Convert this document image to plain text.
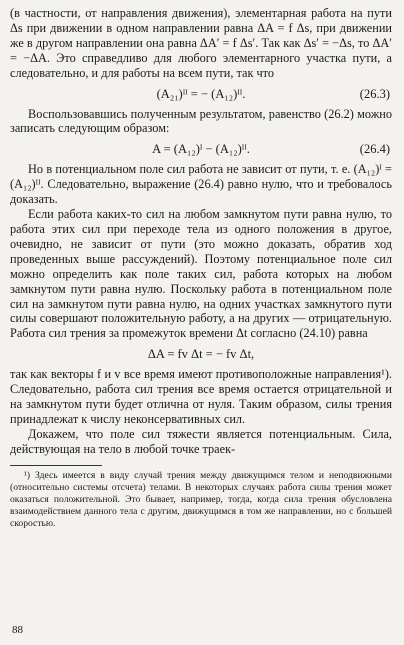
(в частности, от направления движения), элементарная работа на пути Δs при движении в одном направлении равна ΔA = f Δs, при движении же в другом направлении она равна ΔA′ = f Δs′. Так как Δs′ = −Δs, то ΔA′ = −ΔA. Это справедливо для любого элементарного участка пути, а следовательно, и для работы на всем пути, так что

(A₂₁)ᴵᴵ = − (A₁₂)ᴵᴵ.	(26.3)

Воспользовавшись полученным результатом, равенство (26.2) можно записать следующим образом:

A = (A₁₂)ᴵ − (A₁₂)ᴵᴵ.	(26.4)

Но в потенциальном поле сил работа не зависит от пути, т. е. (A₁₂)ᴵ = (A₁₂)ᴵᴵ. Следовательно, выражение (26.4) равно нулю, что и требовалось доказать.

Если работа каких-то сил на любом замкнутом пути равна нулю, то работа этих сил при переходе тела из одного положения в другое, очевидно, не зависит от пути (это можно доказать, обратив ход проведенных выше рассуждений). Поэтому потенциальное поле сил можно определить как поле таких сил, работа которых на любом замкнутом пути равна нулю. Поскольку работа в потенциальном поле сил на замкнутом пути равна нулю, на одних участках замкнутого пути силы совершают положительную работу, а на других — отрицательную. Работа сил трения за промежуток времени Δt согласно (24.10) равна

ΔA = fv Δt = − fv Δt,

так как векторы f и v все время имеют противоположные направления¹). Следовательно, работа сил трения все время остается отрицательной и на замкнутом пути будет отлична от нуля. Таким образом, силы трения принадлежат к числу неконсервативных сил.

Докажем, что поле сил тяжести является потенциальным. Сила, действующая на тело в любой точке траек-

¹) Здесь имеется в виду случай трения между движущимся телом и неподвижными (относительно системы отсчета) телами. В некоторых случаях работа силы трения может оказаться положительной. Это бывает, например, тогда, когда сила трения обусловлена взаимодействием данного тела с другим, движущимся в том же направлении, но с большей скоростью.

88
